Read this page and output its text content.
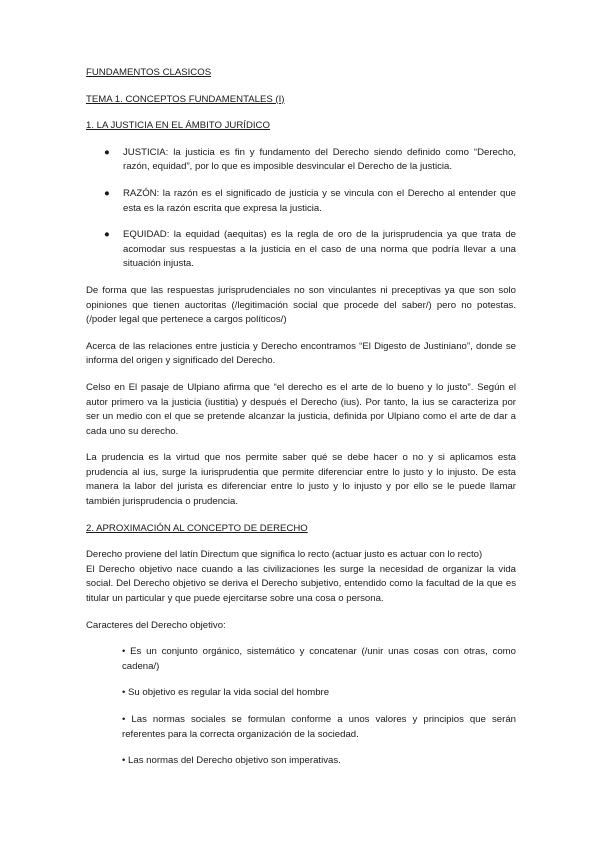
FUNDAMENTOS CLASICOS
TEMA 1. CONCEPTOS FUNDAMENTALES (I)
1. LA JUSTICIA EN EL ÁMBITO JURÍDICO
● JUSTICIA: la justicia es fin y fundamento del Derecho siendo definido como “Derecho, razón, equidad”, por lo que es imposible desvincular el Derecho de la justicia.
● RAZÓN: la razón es el significado de justicia y se vincula con el Derecho al entender que esta es la razón escrita que expresa la justicia.
● EQUIDAD: la equidad (aequitas) es la regla de oro de la jurisprudencia ya que trata de acomodar sus respuestas a la justicia en el caso de una norma que podría llevar a una situación injusta.

De forma que las respuestas jurisprudenciales no son vinculantes ni preceptivas ya que son solo opiniones que tienen auctoritas (/legitimación social que procede del saber/) pero no potestas. (/poder legal que pertenece a cargos políticos/)

Acerca de las relaciones entre justicia y Derecho encontramos “El Digesto de Justiniano”, donde se informa del origen y significado del Derecho.

Celso en El pasaje de Ulpiano afirma que “el derecho es el arte de lo bueno y lo justo”. Según el autor primero va la justicia (iustitia) y después el Derecho (ius). Por tanto, la ius se caracteriza por ser un medio con el que se pretende alcanzar la justicia, definida por Ulpiano como el arte de dar a cada uno su derecho.

La prudencia es la virtud que nos permite saber qué se debe hacer o no y si aplicamos esta prudencia al ius, surge la iurisprudentia que permite diferenciar entre lo justo y lo injusto. De esta manera la labor del jurista es diferenciar entre lo justo y lo injusto y por ello se le puede llamar también jurisprudencia o prudencia.

2. APROXIMACIÓN AL CONCEPTO DE DERECHO

Derecho proviene del latín Directum que significa lo recto (actuar justo es actuar con lo recto)

El Derecho objetivo nace cuando a las civilizaciones les surge la necesidad de organizar la vida social. Del Derecho objetivo se deriva el Derecho subjetivo, entendido como la facultad de la que es titular un particular y que puede ejercitarse sobre una cosa o persona.

Caracteres del Derecho objetivo:

• Es un conjunto orgánico, sistemático y concatenar (/unir unas cosas con otras, como cadena/)
• Su objetivo es regular la vida social del hombre
• Las normas sociales se formulan conforme a unos valores y principios que serán referentes para la correcta organización de la sociedad.
• Las normas del Derecho objetivo son imperativas.
